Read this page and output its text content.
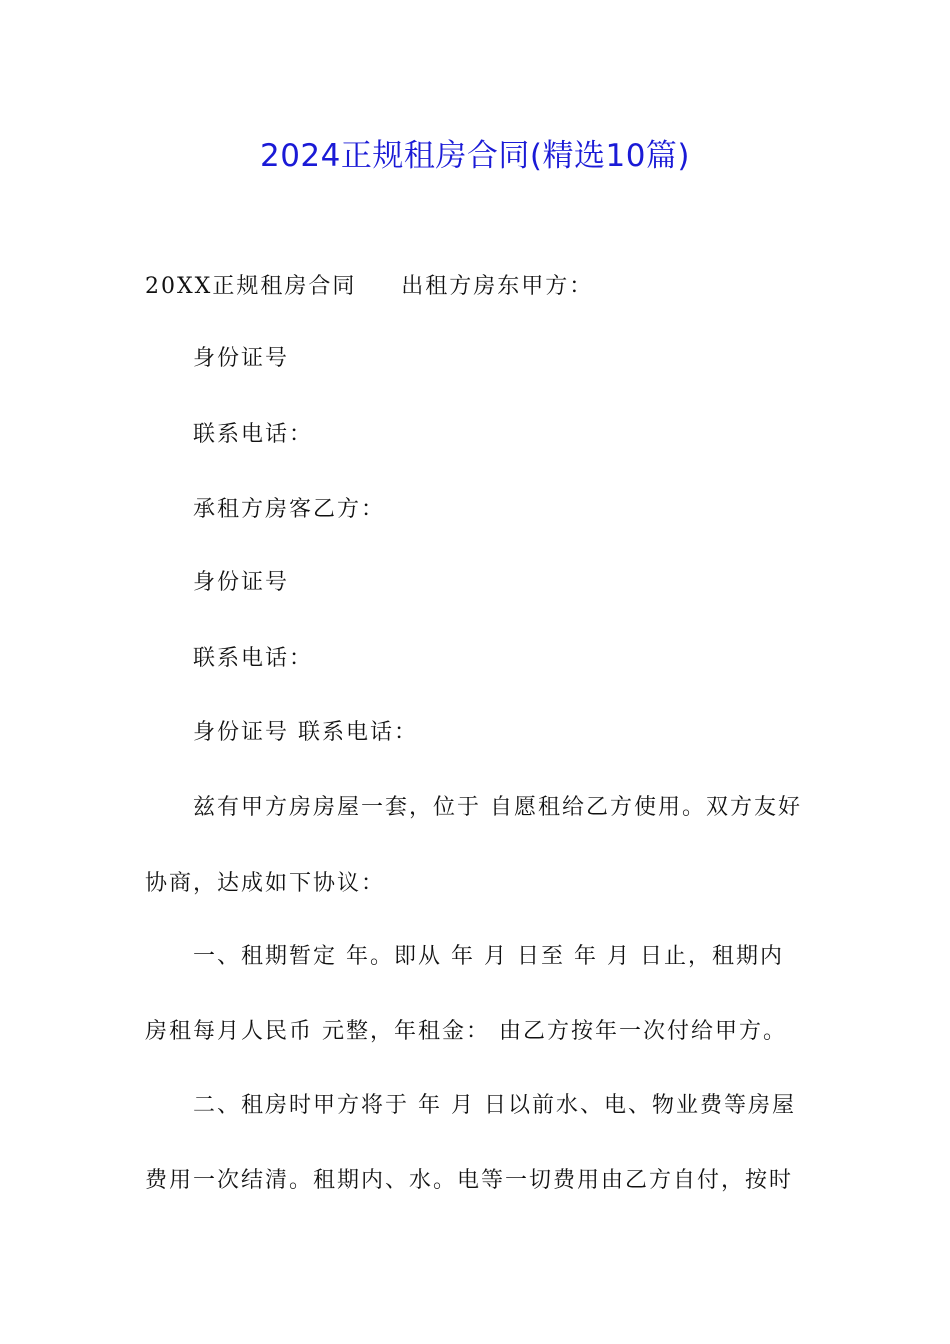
2024正规租房合同(精选10篇)
20XX正规租房合同     出租方房东甲方：
身份证号
联系电话：
承租方房客乙方：
身份证号
联系电话：
身份证号 联系电话：
兹有甲方房房屋一套，位于 自愿租给乙方使用。双方友好
协商，达成如下协议：
一、租期暂定 年。即从 年 月 日至 年 月 日止，租期内
房租每月人民币 元整，年租金： 由乙方按年一次付给甲方。
二、租房时甲方将于 年 月 日以前水、电、物业费等房屋
费用一次结清。租期内、水。电等一切费用由乙方自付，按时
